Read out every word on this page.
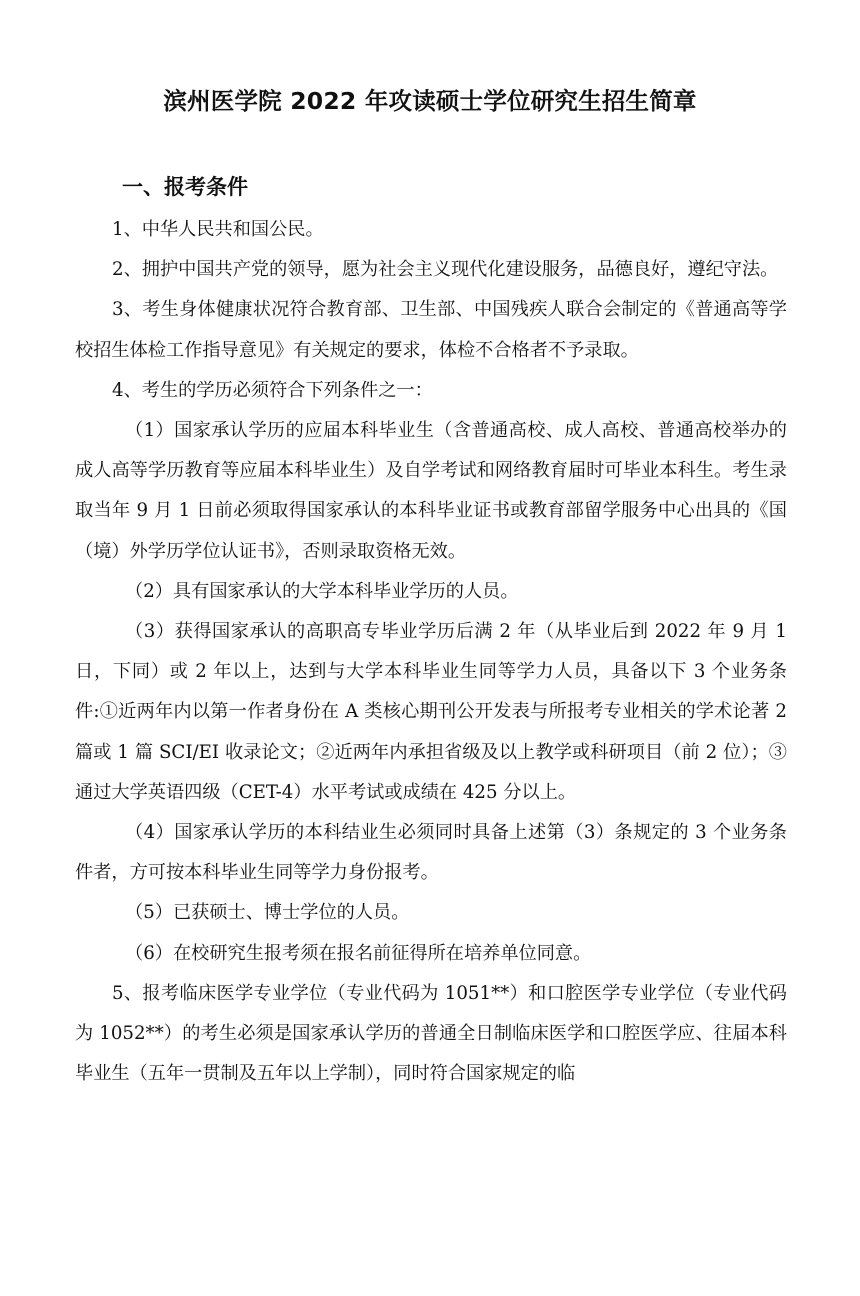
滨州医学院 2022 年攻读硕士学位研究生招生简章
一、报考条件

1、中华人民共和国公民。

2、拥护中国共产党的领导，愿为社会主义现代化建设服务，品德良好，遵纪守法。

3、考生身体健康状况符合教育部、卫生部、中国残疾人联合会制定的《普通高等学校招生体检工作指导意见》有关规定的要求，体检不合格者不予录取。

4、考生的学历必须符合下列条件之一：

（1）国家承认学历的应届本科毕业生（含普通高校、成人高校、普通高校举办的成人高等学历教育等应届本科毕业生）及自学考试和网络教育届时可毕业本科生。考生录取当年 9 月 1 日前必须取得国家承认的本科毕业证书或教育部留学服务中心出具的《国（境）外学历学位认证书》，否则录取资格无效。

（2）具有国家承认的大学本科毕业学历的人员。

（3）获得国家承认的高职高专毕业学历后满 2 年（从毕业后到 2022 年 9 月 1 日，下同）或 2 年以上，达到与大学本科毕业生同等学力人员，具备以下 3 个业务条件:①近两年内以第一作者身份在 A 类核心期刊公开发表与所报考专业相关的学术论著 2 篇或 1 篇 SCI/EI 收录论文；②近两年内承担省级及以上教学或科研项目（前 2 位）；③通过大学英语四级（CET-4）水平考试或成绩在 425 分以上。

（4）国家承认学历的本科结业生必须同时具备上述第（3）条规定的 3 个业务条件者，方可按本科毕业生同等学力身份报考。

（5）已获硕士、博士学位的人员。

（6）在校研究生报考须在报名前征得所在培养单位同意。

5、报考临床医学专业学位（专业代码为 1051**）和口腔医学专业学位（专业代码为 1052**）的考生必须是国家承认学历的普通全日制临床医学和口腔医学应、往届本科毕业生（五年一贯制及五年以上学制），同时符合国家规定的临
